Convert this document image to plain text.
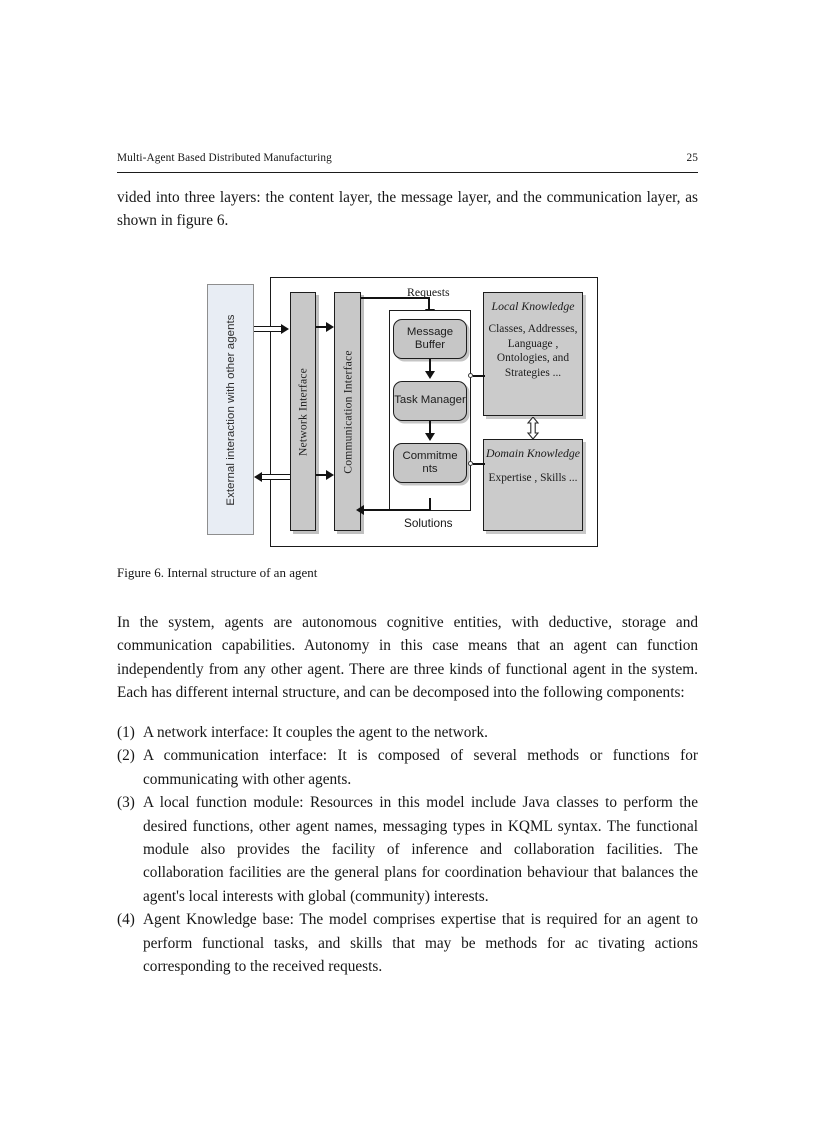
Multi-Agent Based Distributed Manufacturing	25
vided into three layers: the content layer, the message layer, and the communication layer, as shown in figure 6.
External interaction with other agents	Network Interface	Communication Interface
Requests
Message Buffer
Task Manager
Commitme nts
Solutions
Local Knowledge
Classes, Addresses, Language , Ontologies, and Strategies ...
Domain Knowledge
Expertise , Skills ...
Figure 6. Internal structure of an agent
In the system, agents are autonomous cognitive entities, with deductive, storage and communication capabilities. Autonomy in this case means that an agent can function independently from any other agent. There are three kinds of functional agent in the system. Each has different internal structure, and can be decomposed into the following components:
(1) A network interface: It couples the agent to the network.
(2) A communication interface: It is composed of several methods or functions for communicating with other agents.
(3) A local function module: Resources in this model include Java classes to perform the desired functions, other agent names, messaging types in KQML syntax. The functional module also provides the facility of inference and collaboration facilities. The collaboration facilities are the general plans for coordination behaviour that balances the agent's local interests with global (community) interests.
(4) Agent Knowledge base: The model comprises expertise that is required for an agent to perform functional tasks, and skills that may be methods for ac tivating actions corresponding to the received requests.
